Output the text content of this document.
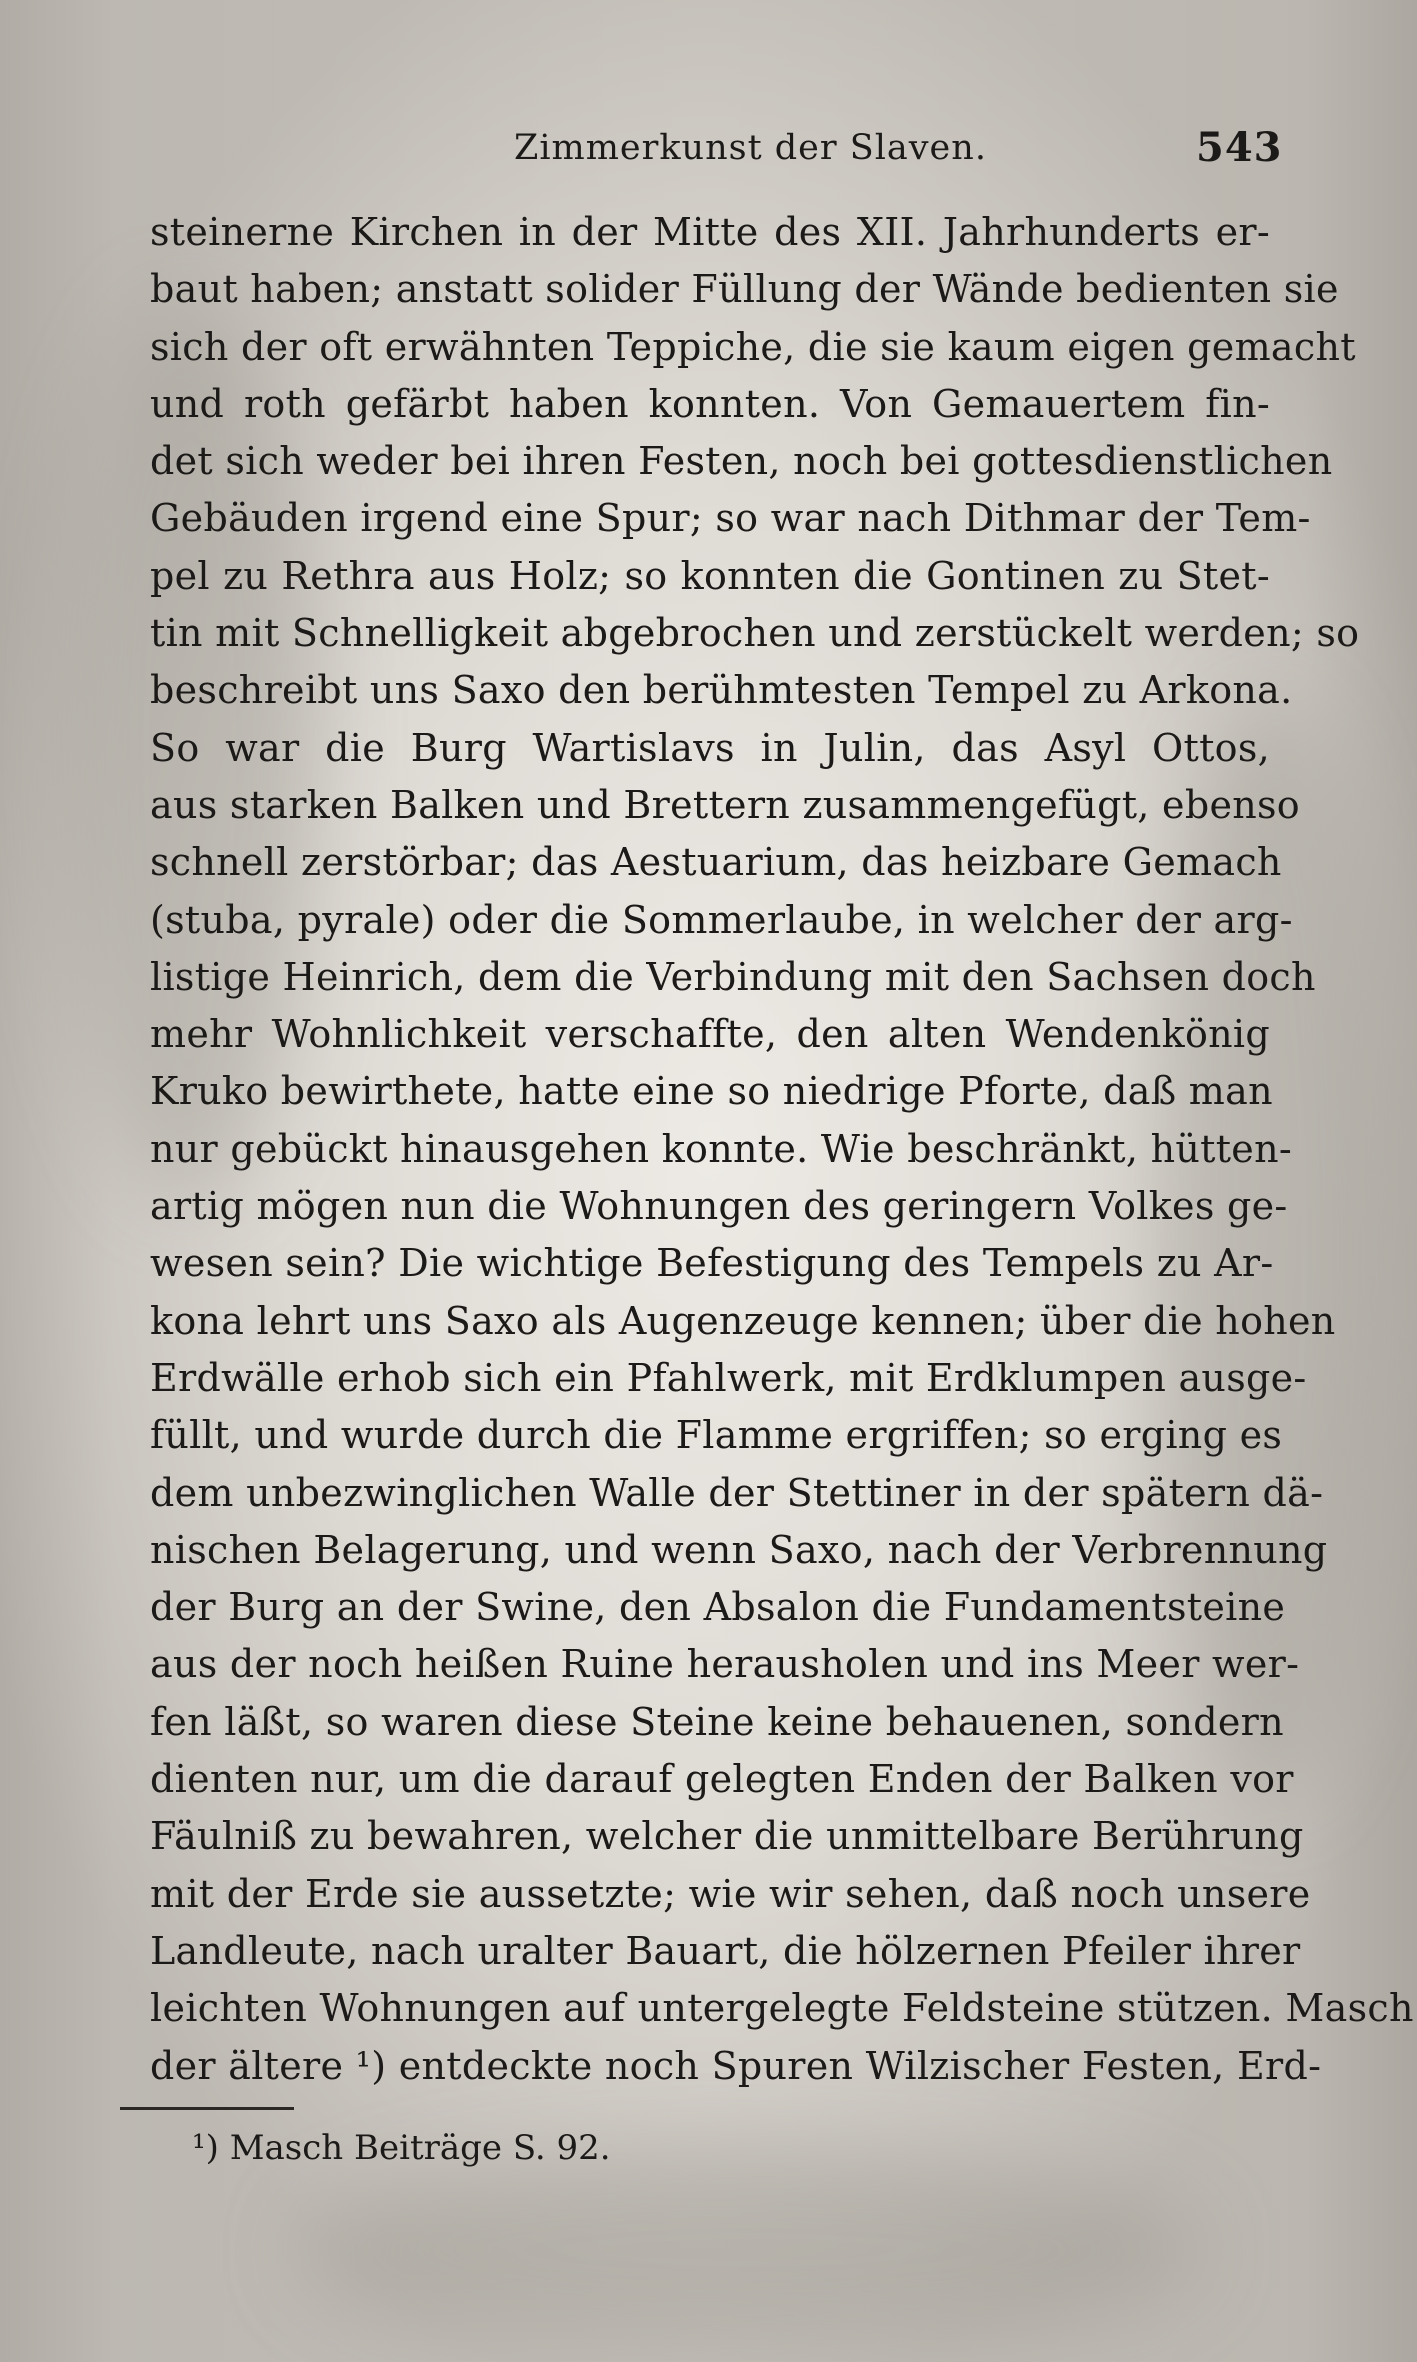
Zimmerkunst der Slaven.	543
steinerne Kirchen in der Mitte des XII. Jahrhunderts er-
baut haben; anstatt solider Füllung der Wände bedienten sie
sich der oft erwähnten Teppiche, die sie kaum eigen gemacht
und roth gefärbt haben konnten. Von Gemauertem fin-
det sich weder bei ihren Festen, noch bei gottesdienstlichen
Gebäuden irgend eine Spur; so war nach Dithmar der Tem-
pel zu Rethra aus Holz; so konnten die Gontinen zu Stet-
tin mit Schnelligkeit abgebrochen und zerstückelt werden; so
beschreibt uns Saxo den berühmtesten Tempel zu Arkona.
So war die Burg Wartislavs in Julin, das Asyl Ottos,
aus starken Balken und Brettern zusammengefügt, ebenso
schnell zerstörbar; das Aestuarium, das heizbare Gemach
(stuba, pyrale) oder die Sommerlaube, in welcher der arg-
listige Heinrich, dem die Verbindung mit den Sachsen doch
mehr Wohnlichkeit verschaffte, den alten Wendenkönig
Kruko bewirthete, hatte eine so niedrige Pforte, daß man
nur gebückt hinausgehen konnte. Wie beschränkt, hütten-
artig mögen nun die Wohnungen des geringern Volkes ge-
wesen sein? Die wichtige Befestigung des Tempels zu Ar-
kona lehrt uns Saxo als Augenzeuge kennen; über die hohen
Erdwälle erhob sich ein Pfahlwerk, mit Erdklumpen ausge-
füllt, und wurde durch die Flamme ergriffen; so erging es
dem unbezwinglichen Walle der Stettiner in der spätern dä-
nischen Belagerung, und wenn Saxo, nach der Verbrennung
der Burg an der Swine, den Absalon die Fundamentsteine
aus der noch heißen Ruine herausholen und ins Meer wer-
fen läßt, so waren diese Steine keine behauenen, sondern
dienten nur, um die darauf gelegten Enden der Balken vor
Fäulniß zu bewahren, welcher die unmittelbare Berührung
mit der Erde sie aussetzte; wie wir sehen, daß noch unsere
Landleute, nach uralter Bauart, die hölzernen Pfeiler ihrer
leichten Wohnungen auf untergelegte Feldsteine stützen. Masch
der ältere ¹) entdeckte noch Spuren Wilzischer Festen, Erd-
¹) Masch Beiträge S. 92.
